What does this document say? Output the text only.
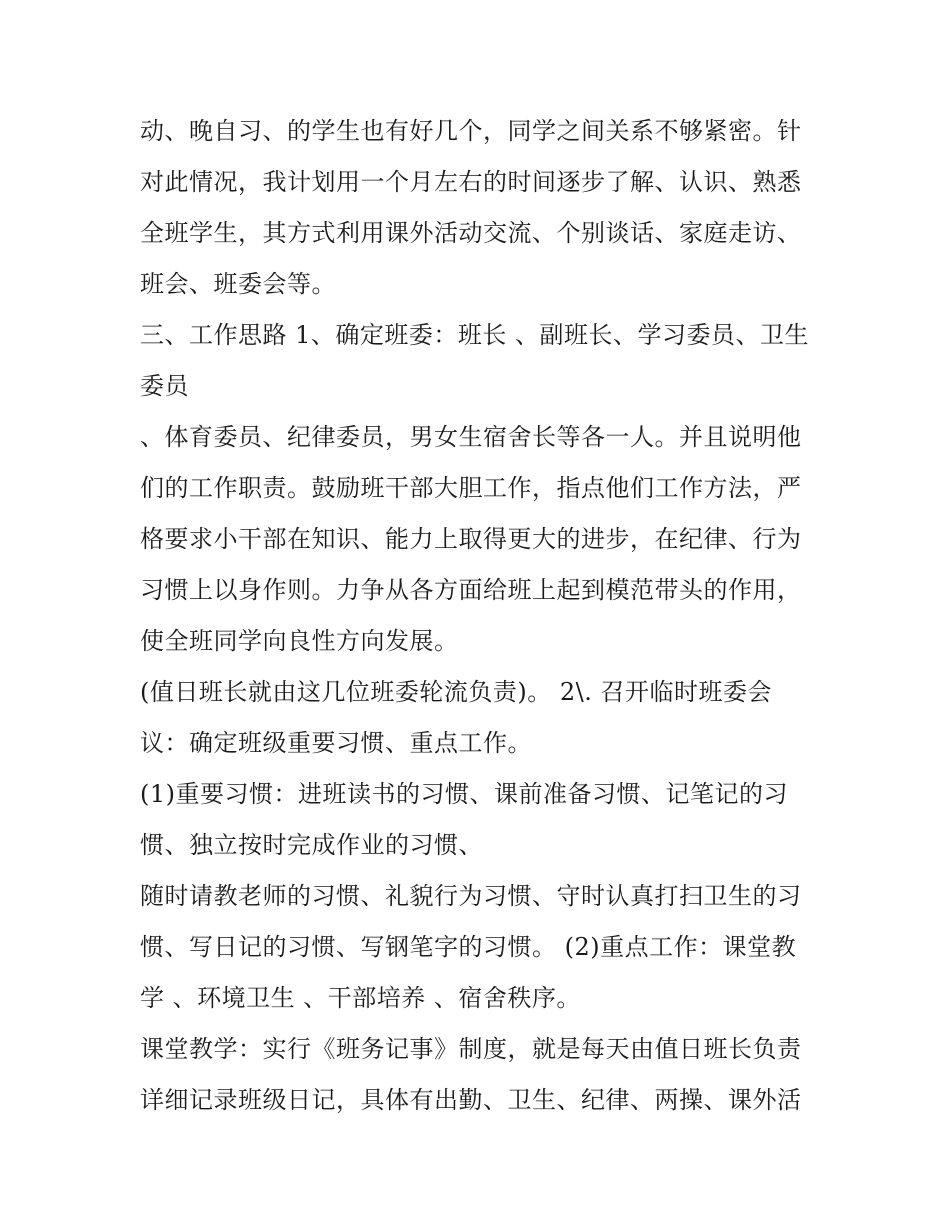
动、晚自习、的学生也有好几个，同学之间关系不够紧密。针
对此情况，我计划用一个月左右的时间逐步了解、认识、熟悉
全班学生，其方式利用课外活动交流、个别谈话、家庭走访、
班会、班委会等。
三、工作思路 1、确定班委：班长 、副班长、学习委员、卫生
委员
、体育委员、纪律委员，男女生宿舍长等各一人。并且说明他
们的工作职责。鼓励班干部大胆工作，指点他们工作方法，严
格要求小干部在知识、能力上取得更大的进步，在纪律、行为
习惯上以身作则。力争从各方面给班上起到模范带头的作用，
使全班同学向良性方向发展。
(值日班长就由这几位班委轮流负责)。 2\. 召开临时班委会
议：确定班级重要习惯、重点工作。
(1)重要习惯：进班读书的习惯、课前准备习惯、记笔记的习
惯、独立按时完成作业的习惯、
随时请教老师的习惯、礼貌行为习惯、守时认真打扫卫生的习
惯、写日记的习惯、写钢笔字的习惯。 (2)重点工作：课堂教
学 、环境卫生 、干部培养 、宿舍秩序。
课堂教学：实行《班务记事》制度，就是每天由值日班长负责
详细记录班级日记，具体有出勤、卫生、纪律、两操、课外活
